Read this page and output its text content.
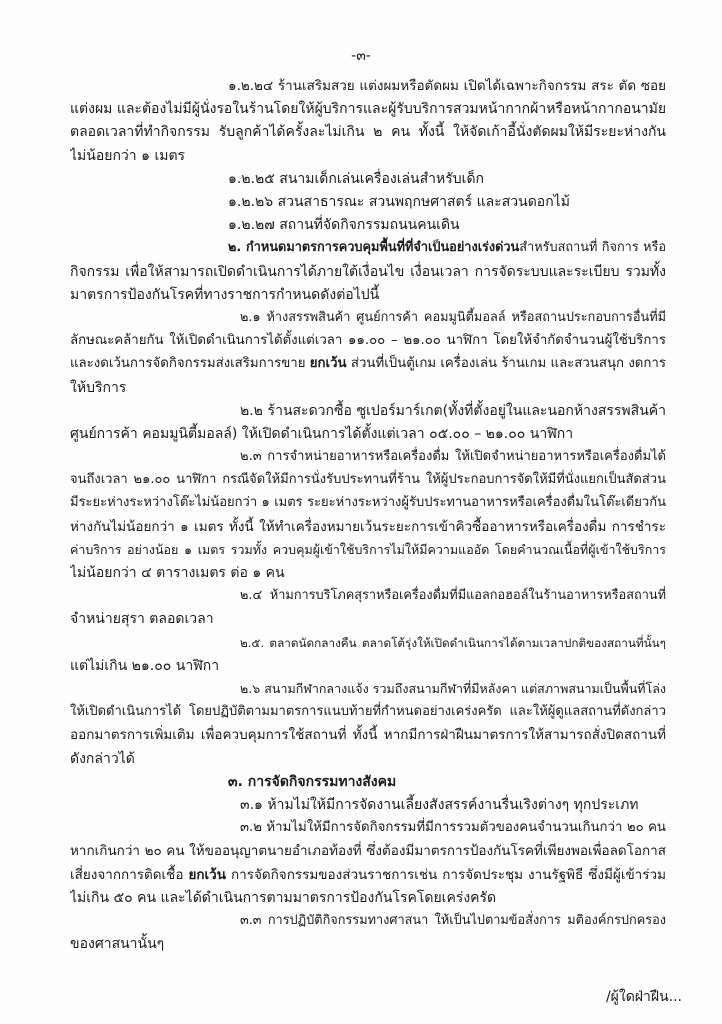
-๓-
๑.๒.๒๔ ร้านเสริมสวย แต่งผมหรือตัดผม เปิดได้เฉพาะกิจกรรม สระ ตัด ซอย
แต่งผม และต้องไม่มีผู้นั่งรอในร้านโดยให้ผู้บริการและผู้รับบริการสวมหน้ากากผ้าหรือหน้ากากอนามัย
ตลอดเวลาที่ทำกิจกรรม รับลูกค้าได้ครั้งละไม่เกิน ๒ คน ทั้งนี้ ให้จัดเก้าอี้นั่งตัดผมให้มีระยะห่างกัน
ไม่น้อยกว่า ๑ เมตร
๑.๒.๒๕ สนามเด็กเล่นเครื่องเล่นสำหรับเด็ก
๑.๒.๒๖ สวนสาธารณะ สวนพฤกษศาสตร์ และสวนดอกไม้
๑.๒.๒๗ สถานที่จัดกิจกรรมถนนคนเดิน
๒. กำหนดมาตรการควบคุมพื้นที่ที่จำเป็นอย่างเร่งด่วนสำหรับสถานที่ กิจการ หรือ
กิจกรรม เพื่อให้สามารถเปิดดำเนินการได้ภายใต้เงื่อนไข เงื่อนเวลา การจัดระบบและระเบียบ รวมทั้ง
มาตรการป้องกันโรคที่ทางราชการกำหนดดังต่อไปนี้
๒.๑ ห้างสรรพสินค้า ศูนย์การค้า คอมมูนิตี้มอลล์ หรือสถานประกอบการอื่นที่มี
ลักษณะคล้ายกัน ให้เปิดดำเนินการได้ตั้งแต่เวลา ๑๑.๐๐ – ๒๑.๐๐ นาฬิกา โดยให้จำกัดจำนวนผู้ใช้บริการ
และงดเว้นการจัดกิจกรรมส่งเสริมการขาย ยกเว้น ส่วนที่เป็นตู้เกม เครื่องเล่น ร้านเกม และสวนสนุก งดการ
ให้บริการ
๒.๒ ร้านสะดวกซื้อ ซูเปอร์มาร์เกต(ทั้งที่ตั้งอยู่ในและนอกห้างสรรพสินค้า
ศูนย์การค้า คอมมูนิตี้มอลล์) ให้เปิดดำเนินการได้ตั้งแต่เวลา ๐๕.๐๐ – ๒๑.๐๐ นาฬิกา
๒.๓ การจำหน่ายอาหารหรือเครื่องดื่ม ให้เปิดจำหน่ายอาหารหรือเครื่องดื่มได้
จนถึงเวลา ๒๑.๐๐ นาฬิกา กรณีจัดให้มีการนั่งรับประทานที่ร้าน ให้ผู้ประกอบการจัดให้มีที่นั่งแยกเป็นสัดส่วน
มีระยะห่างระหว่างโต๊ะไม่น้อยกว่า ๑ เมตร ระยะห่างระหว่างผู้รับประทานอาหารหรือเครื่องดื่มในโต๊ะเดียวกัน
ห่างกันไม่น้อยกว่า ๑ เมตร ทั้งนี้ ให้ทำเครื่องหมายเว้นระยะการเข้าคิวซื้ออาหารหรือเครื่องดื่ม การชำระ
ค่าบริการ อย่างน้อย ๑ เมตร รวมทั้ง ควบคุมผู้เข้าใช้บริการไม่ให้มีความแออัด โดยคำนวณเนื้อที่ผู้เข้าใช้บริการ
ไม่น้อยกว่า ๔ ตารางเมตร ต่อ ๑ คน
๒.๔ ห้ามการบริโภคสุราหรือเครื่องดื่มที่มีแอลกอฮอล์ในร้านอาหารหรือสถานที่
จำหน่ายสุรา ตลอดเวลา
๒.๕. ตลาดนัดกลางคืน ตลาดโต้รุ่งให้เปิดดำเนินการได้ตามเวลาปกติของสถานที่นั้นๆ
แต่ไม่เกิน ๒๑.๐๐ นาฬิกา
๒.๖ สนามกีฬากลางแจ้ง รวมถึงสนามกีฬาที่มีหลังคา แต่สภาพสนามเป็นพื้นที่โล่ง
ให้เปิดดำเนินการได้ โดยปฏิบัติตามมาตรการแนบท้ายที่กำหนดอย่างเคร่งครัด และให้ผู้ดูแลสถานที่ดังกล่าว
ออกมาตรการเพิ่มเติม เพื่อควบคุมการใช้สถานที่ ทั้งนี้ หากมีการฝ่าฝืนมาตรการให้สามารถสั่งปิดสถานที่
ดังกล่าวได้
๓. การจัดกิจกรรมทางสังคม
๓.๑ ห้ามไม่ให้มีการจัดงานเลี้ยงสังสรรค์งานรื่นเริงต่างๆ ทุกประเภท
๓.๒ ห้ามไม่ให้มีการจัดกิจกรรมที่มีการรวมตัวของคนจำนวนเกินกว่า ๒๐ คน
หากเกินกว่า ๒๐ คน ให้ขออนุญาตนายอำเภอท้องที่ ซึ่งต้องมีมาตรการป้องกันโรคที่เพียงพอเพื่อลดโอกาส
เสี่ยงจากการติดเชื้อ ยกเว้น การจัดกิจกรรมของส่วนราชการเช่น การจัดประชุม งานรัฐพิธี ซึ่งมีผู้เข้าร่วม
ไม่เกิน ๕๐ คน และได้ดำเนินการตามมาตรการป้องกันโรคโดยเคร่งครัด
๓.๓ การปฏิบัติกิจกรรมทางศาสนา ให้เป็นไปตามข้อสั่งการ มติองค์กรปกครอง
ของศาสนานั้นๆ
/ผู้ใดฝ่าฝืน...
